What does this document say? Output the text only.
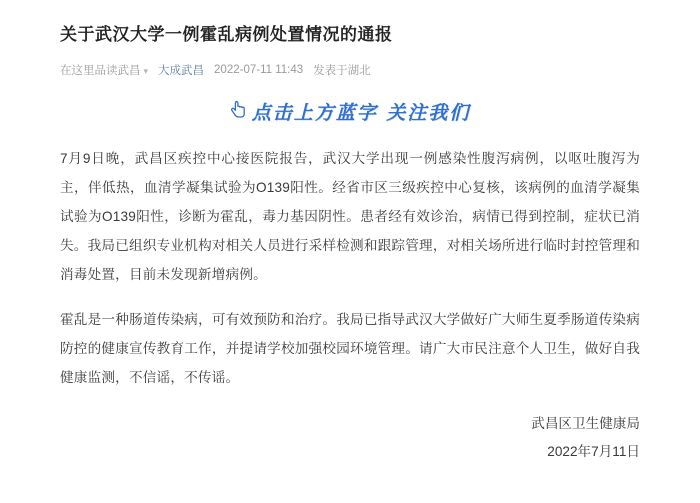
关于武汉大学一例霍乱病例处置情况的通报
在这里品读武昌 ▾ 大成武昌 2022-07-11 11:43 发表于湖北
点击上方蓝字 关注我们

7月9日晚，武昌区疾控中心接医院报告，武汉大学出现一例感染性腹泻病例，以呕吐腹泻为主，伴低热，血清学凝集试验为O139阳性。经省市区三级疾控中心复核，该病例的血清学凝集试验为O139阳性，诊断为霍乱，毒力基因阴性。患者经有效诊治，病情已得到控制，症状已消失。我局已组织专业机构对相关人员进行采样检测和跟踪管理，对相关场所进行临时封控管理和消毒处置，目前未发现新增病例。

霍乱是一种肠道传染病，可有效预防和治疗。我局已指导武汉大学做好广大师生夏季肠道传染病防控的健康宣传教育工作，并提请学校加强校园环境管理。请广大市民注意个人卫生，做好自我健康监测，不信谣，不传谣。

武昌区卫生健康局
2022年7月11日
